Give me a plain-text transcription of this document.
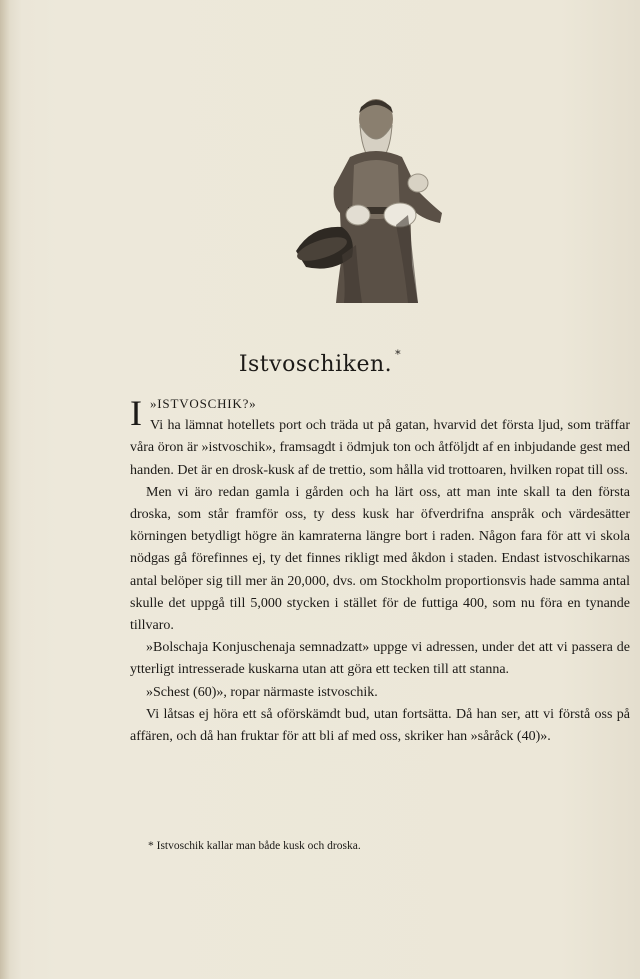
Istvoschiken. *
I »ISTVOSCHIK?»

Vi ha lämnat hotellets port och träda ut på gatan, hvarvid det första ljud, som träffar våra öron är »istvoschik», framsagdt i ödmjuk ton och åtföljdt af en inbjudande gest med handen. Det är en drosk-kusk af de trettio, som hålla vid trottoaren, hvilken ropat till oss.

Men vi äro redan gamla i gården och ha lärt oss, att man inte skall ta den första droska, som står framför oss, ty dess kusk har öfverdrifna anspråk och värdesätter körningen betydligt högre än kamraterna längre bort i raden. Någon fara för att vi skola nödgas gå förefinnes ej, ty det finnes rikligt med åkdon i staden. Endast istvoschikarnas antal belöper sig till mer än 20,000, dvs. om Stockholm proportionsvis hade samma antal skulle det uppgå till 5,000 stycken i stället för de futtiga 400, som nu föra en tynande tillvaro.

»Bolschaja Konjuschenaja semnadzatt» uppge vi adressen, under det att vi passera de ytterligt intresserade kuskarna utan att göra ett tecken till att stanna.

»Schest (60)», ropar närmaste istvoschik.

Vi låtsas ej höra ett så oförskämdt bud, utan fortsätta. Då han ser, att vi förstå oss på affären, och då han fruktar för att bli af med oss, skriker han »såråck (40)».

* Istvoschik kallar man både kusk och droska.
